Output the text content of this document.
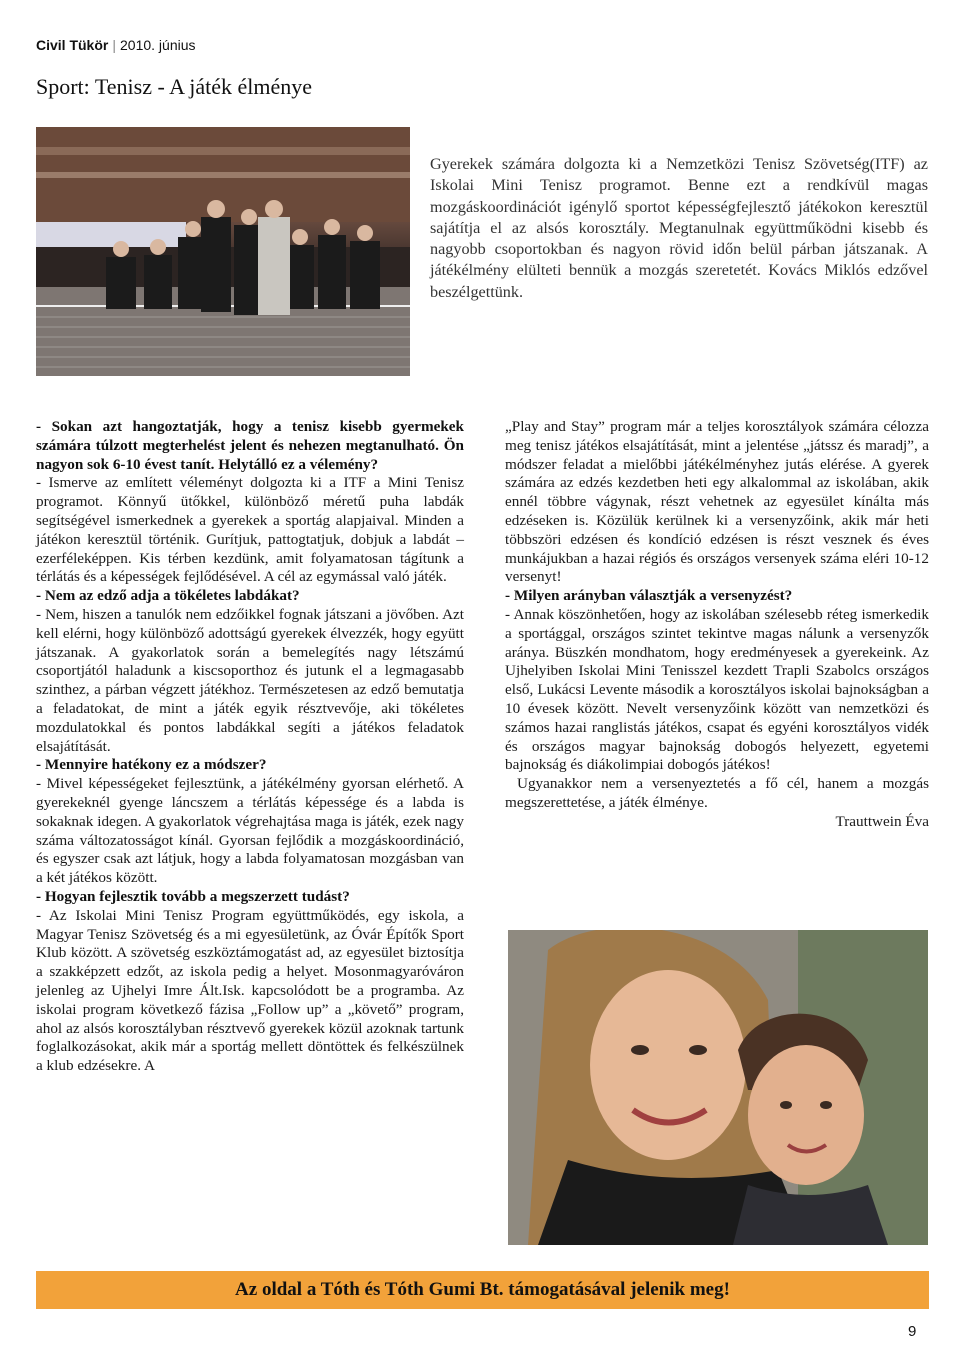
Civil Tükör | 2010. június
Sport: Tenisz - A játék élménye

Gyerekek számára dolgozta ki a Nemzetközi Tenisz Szövetség(ITF) az Iskolai Mini Tenisz programot. Benne ezt a rendkívül magas mozgáskoordinációt igénylő sportot képességfejlesztő játékokon keresztül sajátítja el az alsós korosztály. Megtanulnak együttműködni kisebb és nagyobb csoportokban és nagyon rövid időn belül párban játszanak. A játékélmény elülteti bennük a mozgás szeretetét. Kovács Miklós edzővel beszélgettünk.

- Sokan azt hangoztatják, hogy a tenisz kisebb gyermekek számára túlzott megterhelést jelent és nehezen megtanulható. Ön nagyon sok 6-10 évest tanít. Helytálló ez a vélemény?

- Ismerve az említett véleményt dolgozta ki a ITF a Mini Tenisz programot. Könnyű ütőkkel, különböző méretű puha labdák segítségével ismerkednek a gyerekek a sportág alapjaival. Minden a játékon keresztül történik. Gurítjuk, pattogtatjuk, dobjuk a labdát – ezerféleképpen. Kis térben kezdünk, amit folyamatosan tágítunk a térlátás és a képességek fejlődésével. A cél az egymással való játék.

- Nem az edző adja a tökéletes labdákat?

- Nem, hiszen a tanulók nem edzőikkel fognak játszani a jövőben. Azt kell elérni, hogy különböző adottságú gyerekek élvezzék, hogy együtt játszanak. A gyakorlatok során a bemelegítés nagy létszámú csoportjától haladunk a kiscsoporthoz és jutunk el a legmagasabb szinthez, a párban végzett játékhoz. Természetesen az edző bemutatja a feladatokat, de mint a játék egyik résztvevője, aki tökéletes mozdulatokkal és pontos labdákkal segíti a játékos feladatok elsajátítását.

- Mennyire hatékony ez a módszer?

- Mivel képességeket fejlesztünk, a játékélmény gyorsan elérhető. A gyerekeknél gyenge láncszem a térlátás képessége és a labda is sokaknak idegen. A gyakorlatok végrehajtása maga is játék, ezek nagy száma változatosságot kínál. Gyorsan fejlődik a mozgáskoordináció, és egyszer csak azt látjuk, hogy a labda folyamatosan mozgásban van a két játékos között.

- Hogyan fejlesztik tovább a megszerzett tudást?

- Az Iskolai Mini Tenisz Program együttműködés, egy iskola, a Magyar Tenisz Szövetség és a mi egyesületünk, az Óvár Építők Sport Klub között. A szövetség eszköztámogatást ad, az egyesület biztosítja a szakképzett edzőt, az iskola pedig a helyet. Mosonmagyaróváron jelenleg az Ujhelyi Imre Ált.Isk. kapcsolódott be a programba. Az iskolai program következő fázisa „Follow up” a „követő” program, ahol az alsós korosztályban résztvevő gyerekek közül azoknak tartunk foglalkozásokat, akik már a sportág mellett döntöttek és felkészülnek a klub edzésekre. A

„Play and Stay” program már a teljes korosztályok számára célozza meg tenisz játékos elsajátítását, mint a jelentése „játssz és maradj”, a módszer feladat a mielőbbi játékélményhez jutás elérése. A gyerek számára az edzés kezdetben heti egy alkalommal az iskolában, akik ennél többre vágynak, részt vehetnek az egyesület kínálta más edzéseken is. Közülük kerülnek ki a versenyzőink, akik már heti többszöri edzésen és kondíció edzésen is részt vesznek és éves munkájukban a hazai régiós és országos versenyek száma eléri 10-12 versenyt!

- Milyen arányban választják a versenyzést?

- Annak köszönhetően, hogy az iskolában szélesebb réteg ismerkedik a sportággal, országos szintet tekintve magas nálunk a versenyzők aránya. Büszkén mondhatom, hogy eredményesek a gyerekeink. Az Ujhelyiben Iskolai Mini Tenisszel kezdett Trapli Szabolcs országos első, Lukácsi Levente második a korosztályos iskolai bajnokságban a 10 évesek között. Nevelt versenyzőink között van nemzetközi és számos hazai ranglistás játékos, csapat és egyéni korosztályos vidék és országos magyar bajnokság dobogós helyezett, egyetemi bajnokság és diákolimpiai dobogós játékos!

Ugyanakkor nem a versenyeztetés a fő cél, hanem a mozgás megszerettetése, a játék élménye.

Trauttwein Éva

Az oldal a Tóth és Tóth Gumi Bt. támogatásával jelenik meg!
9
